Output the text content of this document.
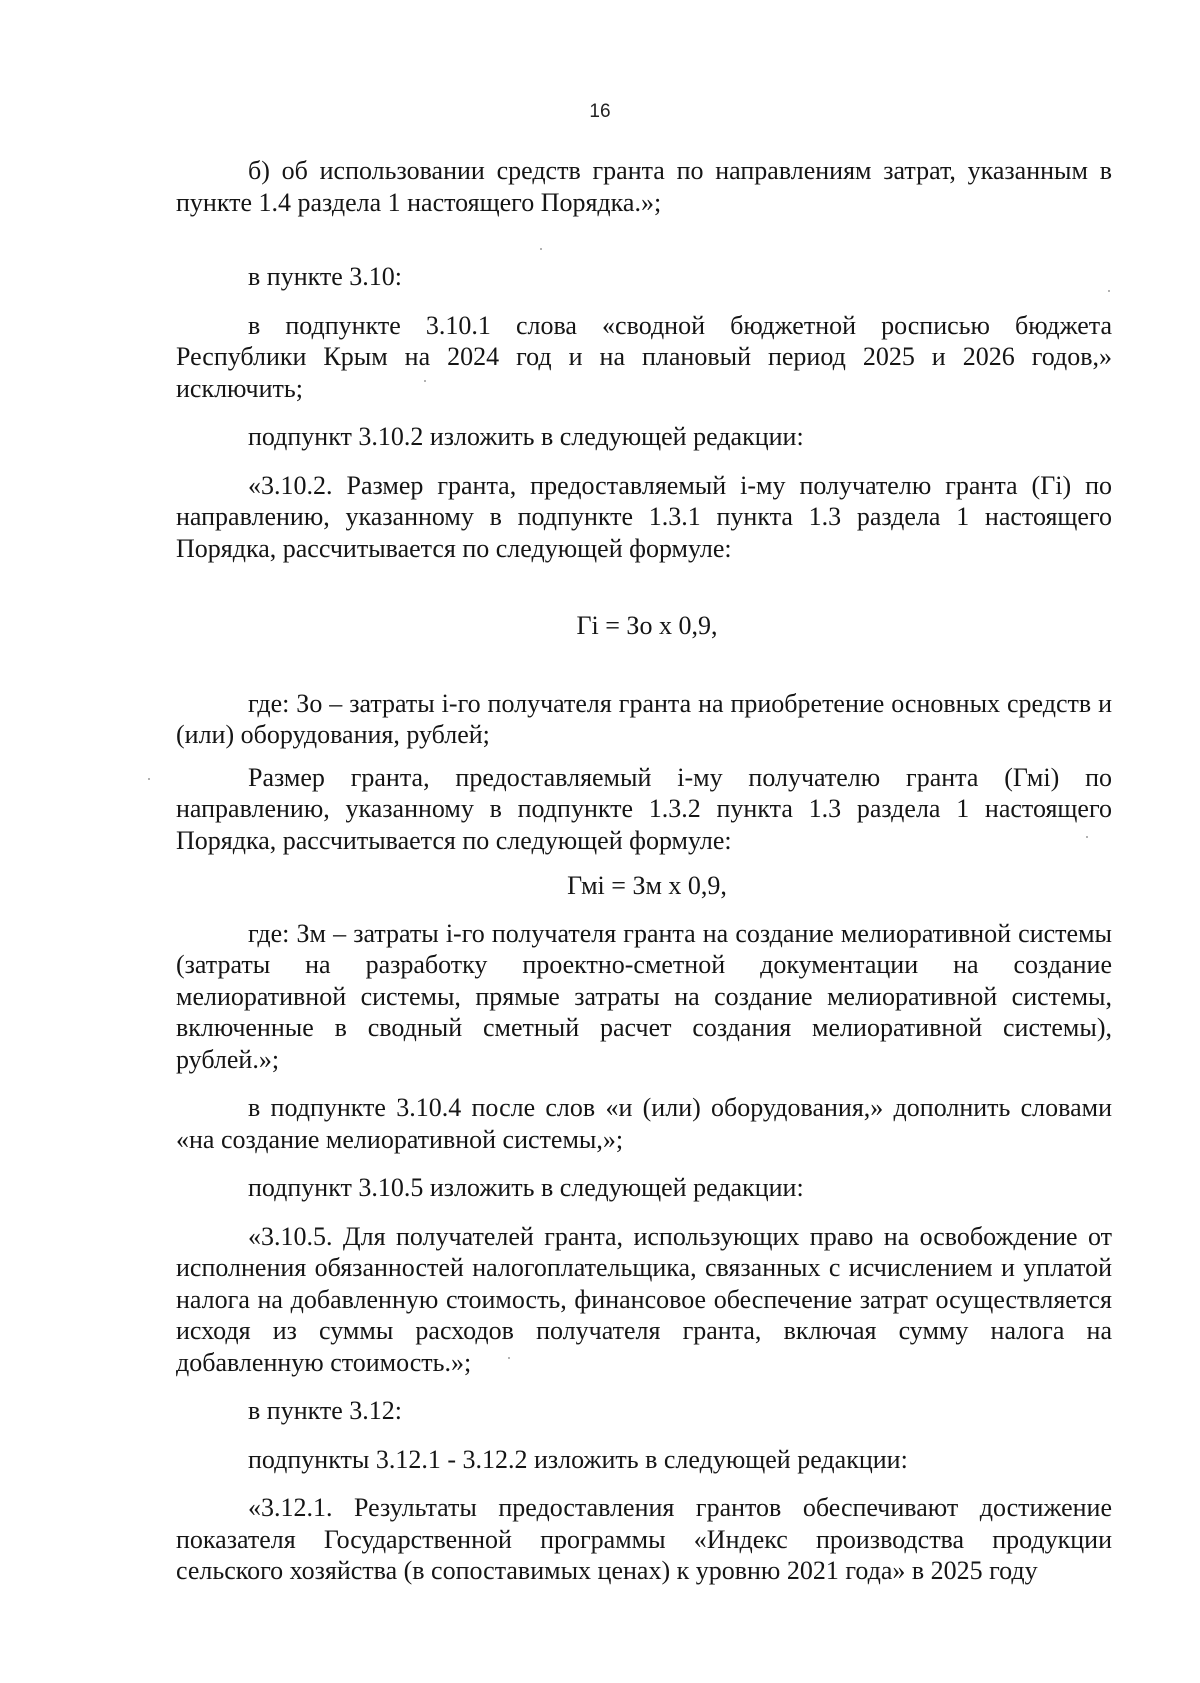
16

б) об использовании средств гранта по направлениям затрат, указанным в пункте 1.4 раздела 1 настоящего Порядка.»;

в пункте 3.10:

в подпункте 3.10.1 слова «сводной бюджетной росписью бюджета Республики Крым на 2024 год и на плановый период 2025 и 2026 годов,» исключить;

подпункт 3.10.2 изложить в следующей редакции:

«3.10.2. Размер гранта, предоставляемый i-му получателю гранта (Гi) по направлению, указанному в подпункте 1.3.1 пункта 1.3 раздела 1 настоящего Порядка, рассчитывается по следующей формуле:

Гi = Зо х 0,9,

где: Зо – затраты i-го получателя гранта на приобретение основных средств и (или) оборудования, рублей;

Размер гранта, предоставляемый i-му получателю гранта (Гмi) по направлению, указанному в подпункте 1.3.2 пункта 1.3 раздела 1 настоящего Порядка, рассчитывается по следующей формуле:

Гмi = Зм х 0,9,

где: Зм – затраты i-го получателя гранта на создание мелиоративной системы (затраты на разработку проектно-сметной документации на создание мелиоративной системы, прямые затраты на создание мелиоративной системы, включенные в сводный сметный расчет создания мелиоративной системы), рублей.»;

в подпункте 3.10.4 после слов «и (или) оборудования,» дополнить словами «на создание мелиоративной системы,»;

подпункт 3.10.5 изложить в следующей редакции:

«3.10.5. Для получателей гранта, использующих право на освобождение от исполнения обязанностей налогоплательщика, связанных с исчислением и уплатой налога на добавленную стоимость, финансовое обеспечение затрат осуществляется исходя из суммы расходов получателя гранта, включая сумму налога на добавленную стоимость.»;

в пункте 3.12:

подпункты 3.12.1 - 3.12.2 изложить в следующей редакции:

«3.12.1. Результаты предоставления грантов обеспечивают достижение показателя Государственной программы «Индекс производства продукции сельского хозяйства (в сопоставимых ценах) к уровню 2021 года» в 2025 году
